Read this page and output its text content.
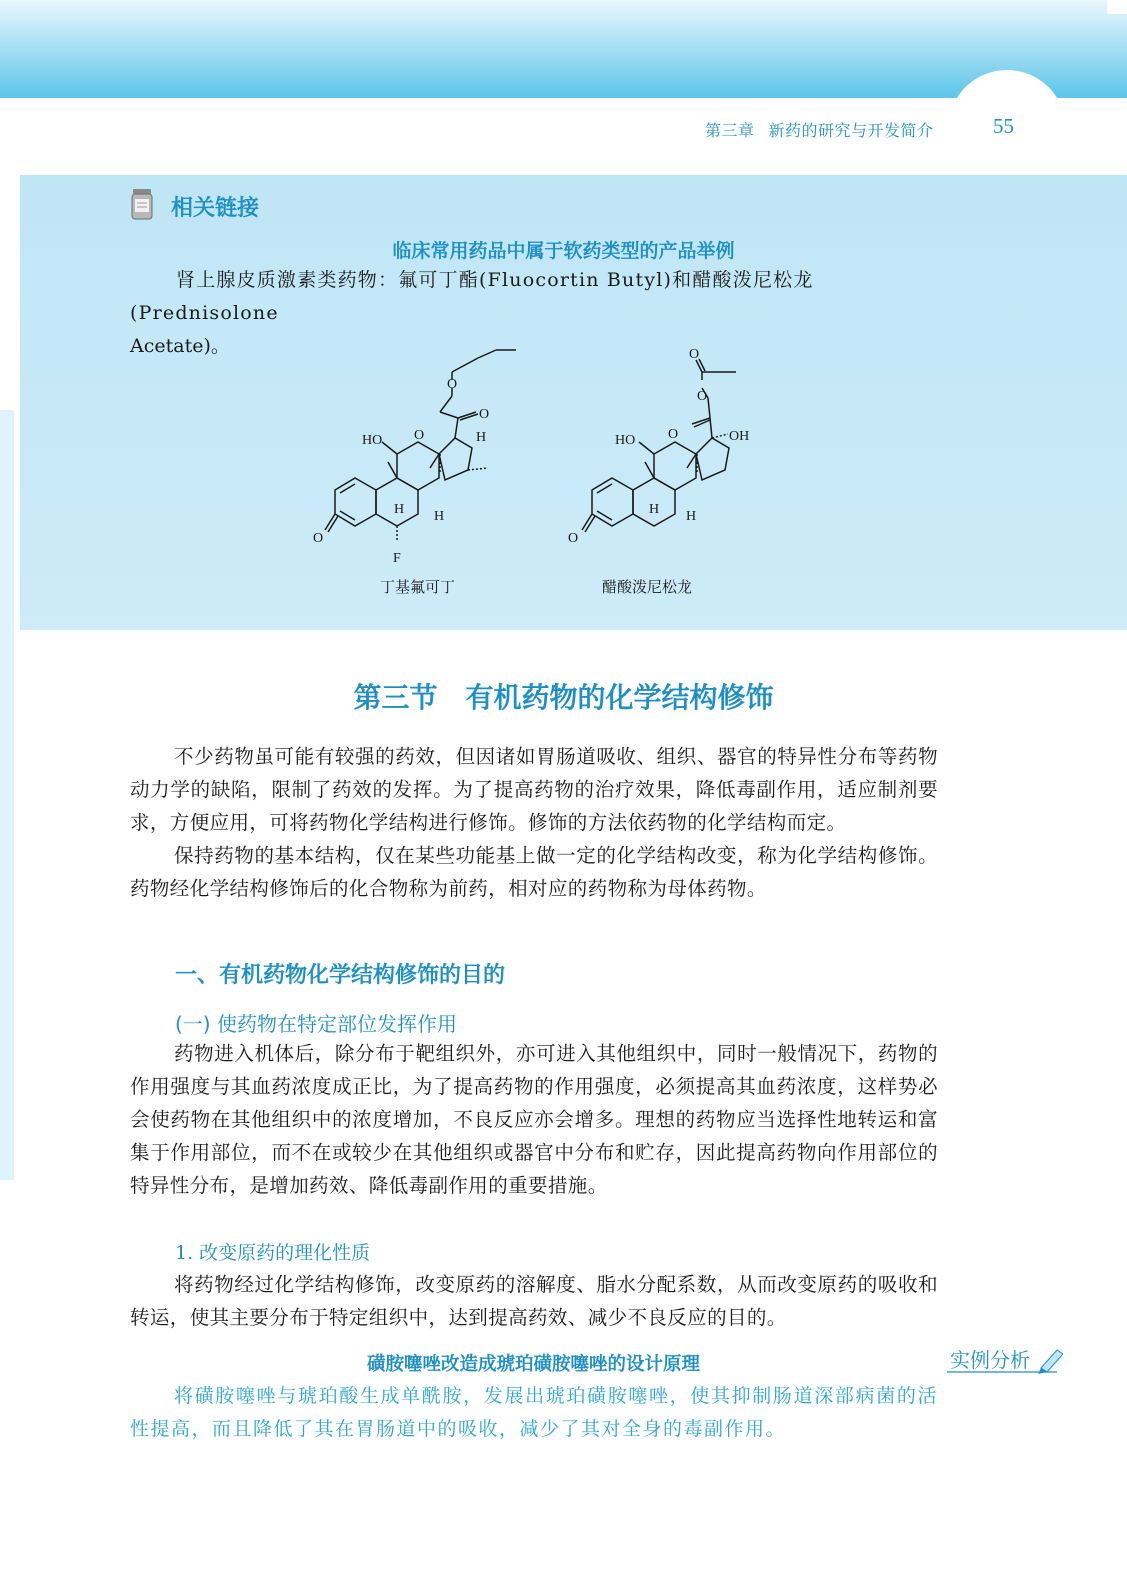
第三章 新药的研究与开发简介	55
相关链接
临床常用药品中属于软药类型的产品举例
肾上腺皮质激素类药物：氟可丁酯(Fluocortin Butyl)和醋酸泼尼松龙(Prednisolone
Acetate)。
HO O	H
O
O
H H
O
F
丁基氟可丁
HO O	OH
O
O
H H
O
醋酸泼尼松龙
第三节　有机药物的化学结构修饰

不少药物虽可能有较强的药效，但因诸如胃肠道吸收、组织、器官的特异性分布等药物动力学的缺陷，限制了药效的发挥。为了提高药物的治疗效果，降低毒副作用，适应制剂要求，方便应用，可将药物化学结构进行修饰。修饰的方法依药物的化学结构而定。

保持药物的基本结构，仅在某些功能基上做一定的化学结构改变，称为化学结构修饰。药物经化学结构修饰后的化合物称为前药，相对应的药物称为母体药物。

一、有机药物化学结构修饰的目的
(一) 使药物在特定部位发挥作用

药物进入机体后，除分布于靶组织外，亦可进入其他组织中，同时一般情况下，药物的作用强度与其血药浓度成正比，为了提高药物的作用强度，必须提高其血药浓度，这样势必会使药物在其他组织中的浓度增加，不良反应亦会增多。理想的药物应当选择性地转运和富集于作用部位，而不在或较少在其他组织或器官中分布和贮存，因此提高药物向作用部位的特异性分布，是增加药效、降低毒副作用的重要措施。

1. 改变原药的理化性质

将药物经过化学结构修饰，改变原药的溶解度、脂水分配系数，从而改变原药的吸收和转运，使其主要分布于特定组织中，达到提高药效、减少不良反应的目的。

实例分析
磺胺噻唑改造成琥珀磺胺噻唑的设计原理

将磺胺噻唑与琥珀酸生成单酰胺，发展出琥珀磺胺噻唑，使其抑制肠道深部病菌的活性提高，而且降低了其在胃肠道中的吸收，减少了其对全身的毒副作用。
